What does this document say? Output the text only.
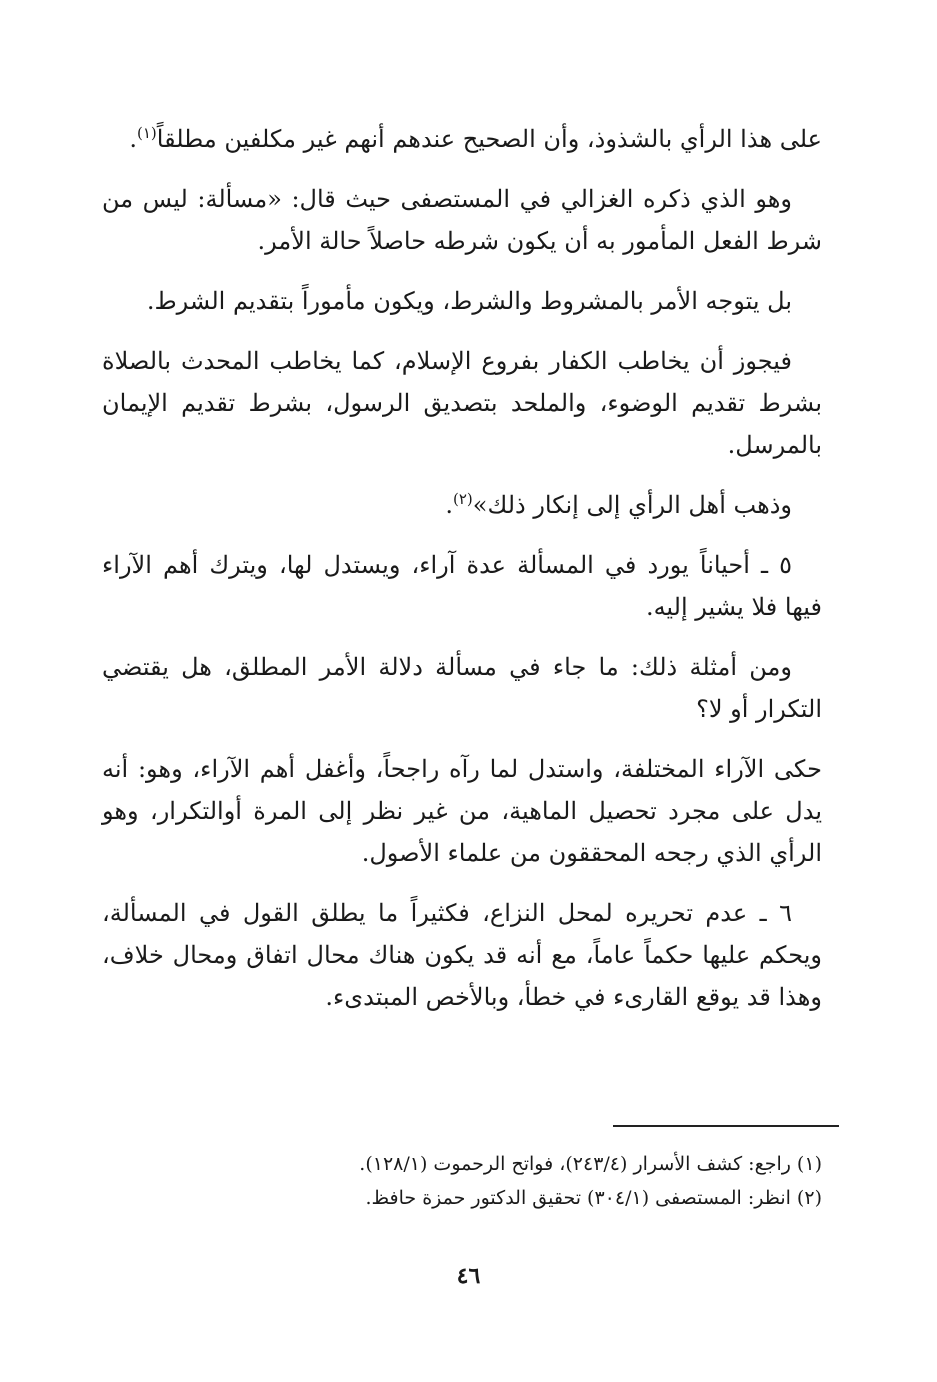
على هذا الرأي بالشذوذ، وأن الصحيح عندهم أنهم غير مكلفين مطلقاً$^{(١)}$.

وهو الذي ذكره الغزالي في المستصفى حيث قال: «مسألة: ليس من شرط الفعل المأمور به أن يكون شرطه حاصلاً حالة الأمر.

بل يتوجه الأمر بالمشروط والشرط، ويكون مأموراً بتقديم الشرط.

فيجوز أن يخاطب الكفار بفروع الإسلام، كما يخاطب المحدث بالصلاة بشرط تقديم الوضوء، والملحد بتصديق الرسول، بشرط تقديم الإيمان بالمرسل.

وذهب أهل الرأي إلى إنكار ذلك»$^{(٢)}$.

٥ ـ أحياناً يورد في المسألة عدة آراء، ويستدل لها، ويترك أهم الآراء فيها فلا يشير إليه.

ومن أمثلة ذلك: ما جاء في مسألة دلالة الأمر المطلق، هل يقتضي التكرار أو لا؟

حكى الآراء المختلفة، واستدل لما رآه راجحاً، وأغفل أهم الآراء، وهو: أنه يدل على مجرد تحصيل الماهية، من غير نظر إلى المرة أوالتكرار، وهو الرأي الذي رجحه المحققون من علماء الأصول.

٦ ـ عدم تحريره لمحل النزاع، فكثيراً ما يطلق القول في المسألة، ويحكم عليها حكماً عاماً، مع أنه قد يكون هناك محال اتفاق ومحال خلاف، وهذا قد يوقع القارىء في خطأ، وبالأخص المبتدىء.

(١) راجع: كشف الأسرار (٢٤٣/٤)، فواتح الرحموت (١٢٨/١).

(٢) انظر: المستصفى (٣٠٤/١) تحقيق الدكتور حمزة حافظ.

٤٦
